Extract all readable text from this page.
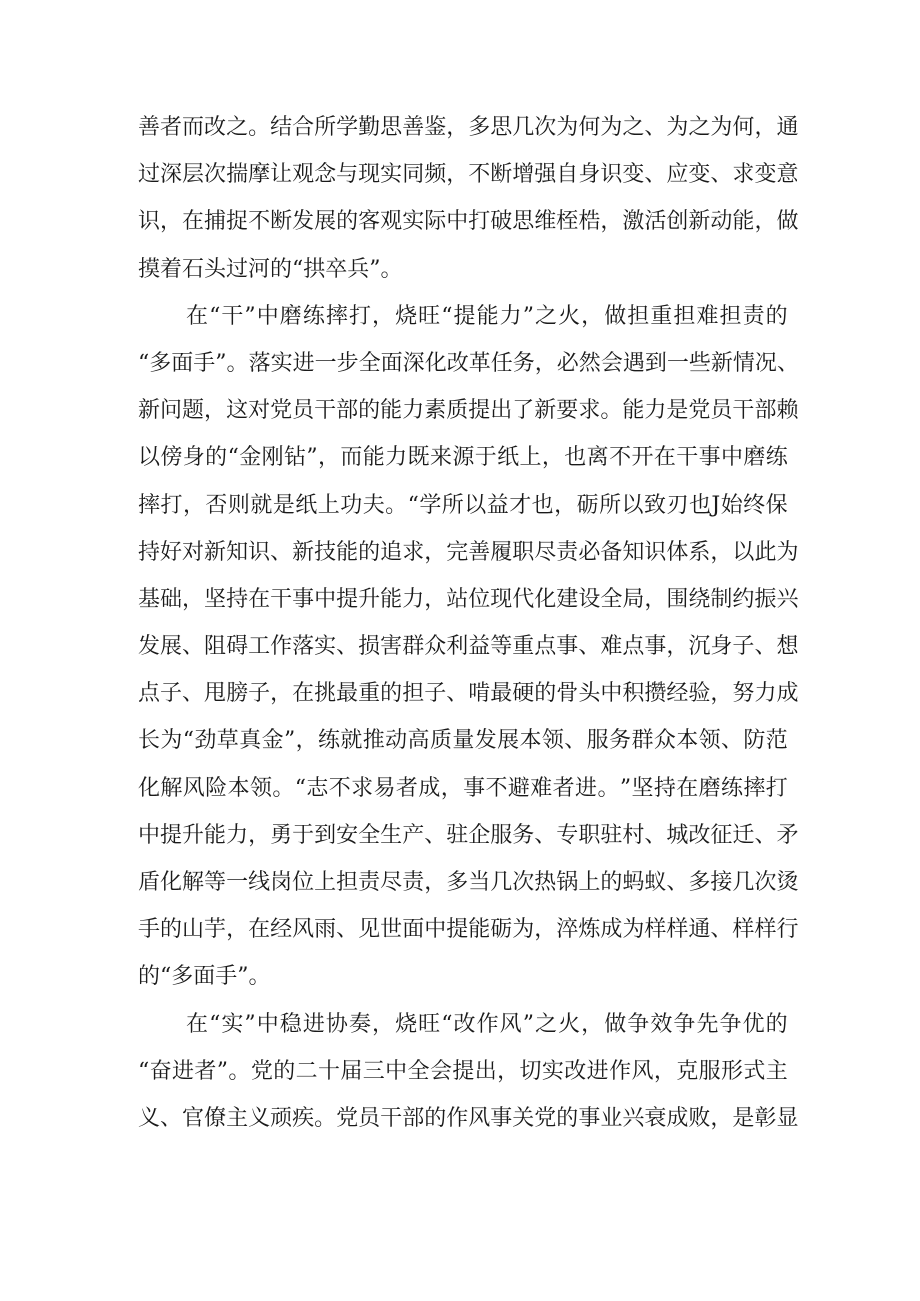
善 者 而 改 之 。 结 合 所 学 勤 思 善 鉴 ， 多 思 几 次 为 何 为 之 、 为 之 为 何 ， 通
过 深 层 次 揣 摩 让 观 念 与 现 实 同 频 ， 不 断 增 强 自 身 识 变 、 应 变 、 求 变 意
识 ， 在 捕 捉 不 断 发 展 的 客 观 实 际 中 打 破 思 维 桎 梏 ， 激 活 创 新 动 能 ， 做
摸着石头过河的“拱卒兵”。
在 “ 干 ” 中 磨 练 摔 打 ， 烧 旺 “ 提 能 力 ” 之 火 ， 做 担 重 担 难 担 责 的
“ 多 面 手 ” 。 落 实 进 一 步 全 面 深 化 改 革 任 务 ， 必 然 会 遇 到 一 些 新 情 况 、
新 问 题 ， 这 对 党 员 干 部 的 能 力 素 质 提 出 了 新 要 求 。 能 力 是 党 员 干 部 赖
以 傍 身 的 “ 金 刚 钻 ” ， 而 能 力 既 来 源 于 纸 上 ， 也 离 不 开 在 干 事 中 磨 练
摔 打 ， 否 则 就 是 纸 上 功 夫 。 “ 学 所 以 益 才 也 ， 砺 所 以 致 刃 也 J 始 终 保
持 好 对 新 知 识 、 新 技 能 的 追 求 ， 完 善 履 职 尽 责 必 备 知 识 体 系 ， 以 此 为
基 础 ， 坚 持 在 干 事 中 提 升 能 力 ， 站 位 现 代 化 建 设 全 局 ， 围 绕 制 约 振 兴
发 展 、 阻 碍 工 作 落 实 、 损 害 群 众 利 益 等 重 点 事 、 难 点 事 ， 沉 身 子 、 想
点 子 、 甩 膀 子 ， 在 挑 最 重 的 担 子 、 啃 最 硬 的 骨 头 中 积 攒 经 验 ， 努 力 成
长 为 “ 劲 草 真 金 ” ， 练 就 推 动 高 质 量 发 展 本 领 、 服 务 群 众 本 领 、 防 范
化 解 风 险 本 领 。 “ 志 不 求 易 者 成 ， 事 不 避 难 者 进 。 ” 坚 持 在 磨 练 摔 打
中 提 升 能 力 ， 勇 于 到 安 全 生 产 、 驻 企 服 务 、 专 职 驻 村 、 城 改 征 迁 、 矛
盾 化 解 等 一 线 岗 位 上 担 责 尽 责 ， 多 当 几 次 热 锅 上 的 蚂 蚁 、 多 接 几 次 烫
手 的 山 芋 ， 在 经 风 雨 、 见 世 面 中 提 能 砺 为 ， 淬 炼 成 为 样 样 通 、 样 样 行
的“多面手”。
在 “ 实 ” 中 稳 进 协 奏 ， 烧 旺 “ 改 作 风 ” 之 火 ， 做 争 效 争 先 争 优 的
“ 奋 进 者 ” 。 党 的 二 十 届 三 中 全 会 提 出 ， 切 实 改 进 作 风 ， 克 服 形 式 主
义 、 官 僚 主 义 顽 疾 。 党 员 干 部 的 作 风 事 关 党 的 事 业 兴 衰 成 败 ， 是 彰 显
